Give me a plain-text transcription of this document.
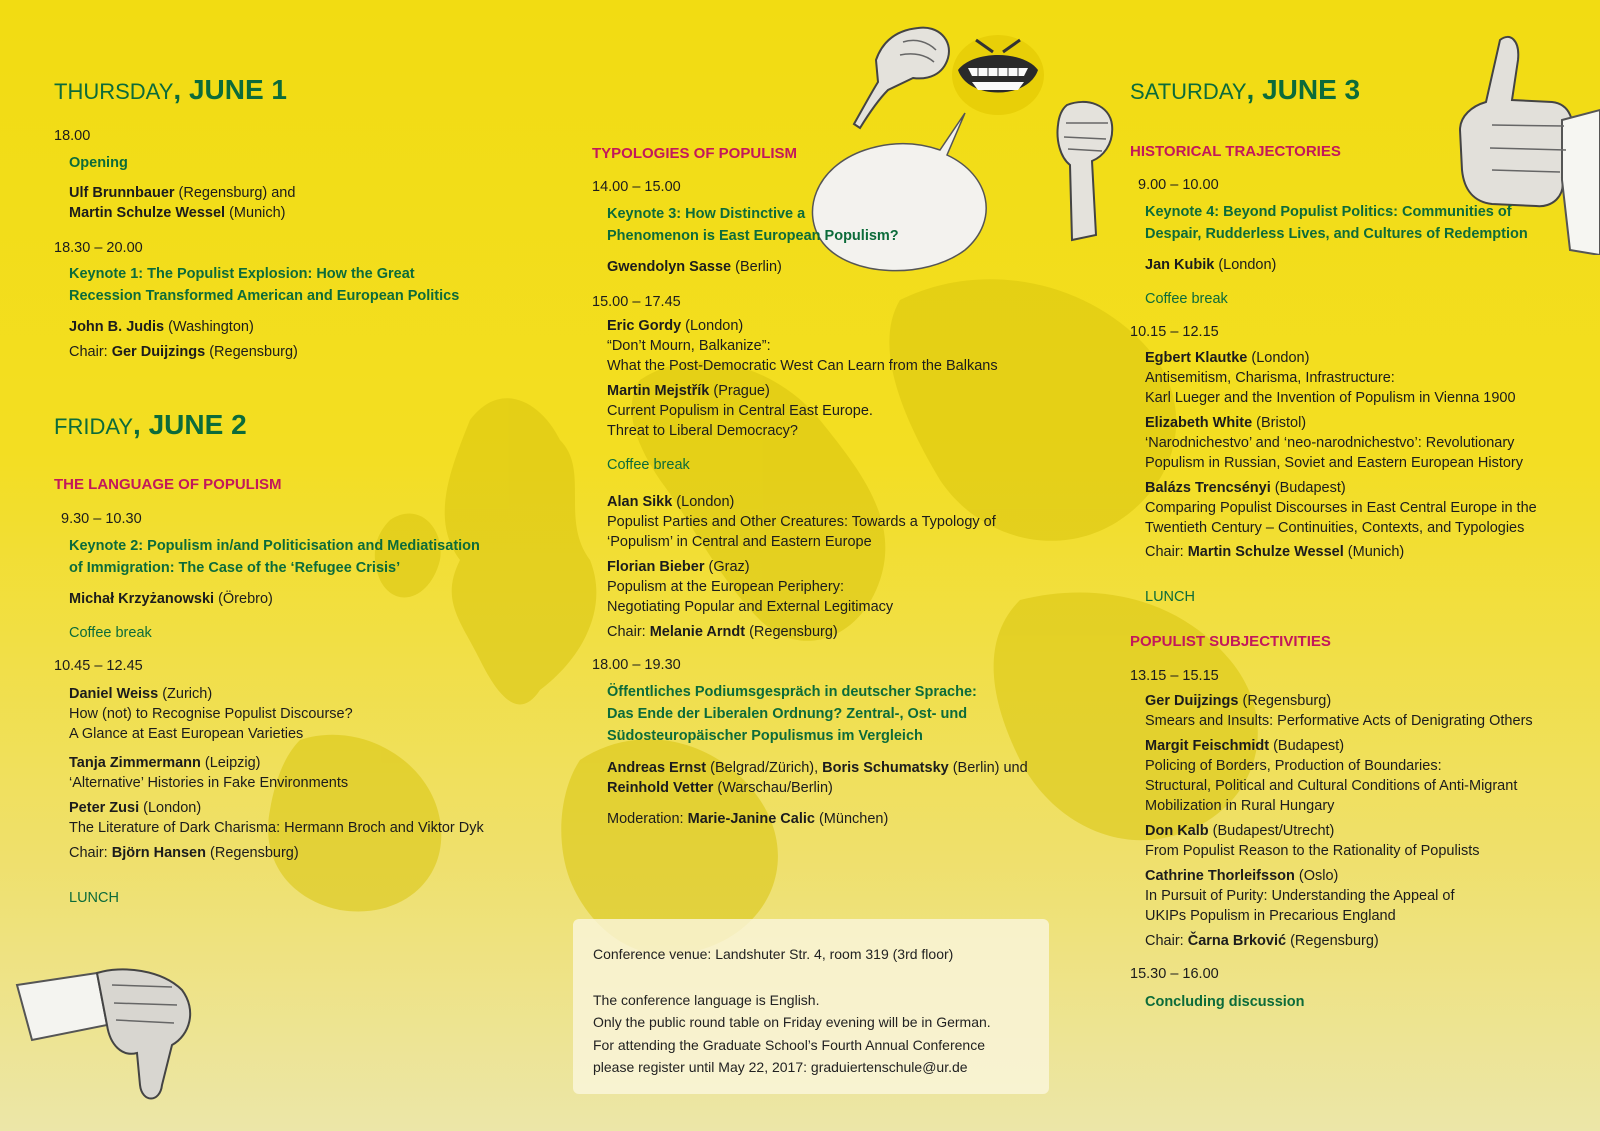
THURSDAY, JUNE 1
18.00
Opening
Ulf Brunnbauer (Regensburg) and
Martin Schulze Wessel (Munich)
18.30 – 20.00
Keynote 1: The Populist Explosion: How the Great
Recession Transformed American and European Politics
John B. Judis (Washington)
Chair: Ger Duijzings (Regensburg)
FRIDAY, JUNE 2
THE LANGUAGE OF POPULISM
9.30 – 10.30
Keynote 2: Populism in/and Politicisation and Mediatisation
of Immigration: The Case of the ‘Refugee Crisis’
Michał Krzyżanowski (Örebro)
Coffee break
10.45 – 12.45
Daniel Weiss (Zurich)
How (not) to Recognise Populist Discourse?
A Glance at East European Varieties
Tanja Zimmermann (Leipzig)
‘Alternative’ Histories in Fake Environments
Peter Zusi (London)
The Literature of Dark Charisma: Hermann Broch and Viktor Dyk
Chair: Björn Hansen (Regensburg)
LUNCH
TYPOLOGIES OF POPULISM
14.00 – 15.00
Keynote 3: How Distinctive a
Phenomenon is East European Populism?
Gwendolyn Sasse (Berlin)
15.00 – 17.45
Eric Gordy (London)
“Don’t Mourn, Balkanize”:
What the Post-Democratic West Can Learn from the Balkans
Martin Mejstřík (Prague)
Current Populism in Central East Europe.
Threat to Liberal Democracy?
Coffee break
Alan Sikk (London)
Populist Parties and Other Creatures: Towards a Typology of
‘Populism’ in Central and Eastern Europe
Florian Bieber (Graz)
Populism at the European Periphery:
Negotiating Popular and External Legitimacy
Chair: Melanie Arndt (Regensburg)
18.00 – 19.30
Öffentliches Podiumsgespräch in deutscher Sprache:
Das Ende der Liberalen Ordnung? Zentral-, Ost- und
Südosteuropäischer Populismus im Vergleich
Andreas Ernst (Belgrad/Zürich), Boris Schumatsky (Berlin) und
Reinhold Vetter (Warschau/Berlin)
Moderation: Marie-Janine Calic (München)
Conference venue: Landshuter Str. 4, room 319 (3rd floor)
The conference language is English.
Only the public round table on Friday evening will be in German.
For attending the Graduate School’s Fourth Annual Conference
please register until May 22, 2017: graduiertenschule@ur.de
SATURDAY, JUNE 3
HISTORICAL TRAJECTORIES
9.00 – 10.00
Keynote 4: Beyond Populist Politics: Communities of
Despair, Rudderless Lives, and Cultures of Redemption
Jan Kubik (London)
Coffee break
10.15 – 12.15
Egbert Klautke (London)
Antisemitism, Charisma, Infrastructure:
Karl Lueger and the Invention of Populism in Vienna 1900
Elizabeth White (Bristol)
‘Narodnichestvo’ and ‘neo-narodnichestvo’: Revolutionary
Populism in Russian, Soviet and Eastern European History
Balázs Trencsényi (Budapest)
Comparing Populist Discourses in East Central Europe in the
Twentieth Century – Continuities, Contexts, and Typologies
Chair: Martin Schulze Wessel (Munich)
LUNCH
POPULIST SUBJECTIVITIES
13.15 – 15.15
Ger Duijzings (Regensburg)
Smears and Insults: Performative Acts of Denigrating Others
Margit Feischmidt (Budapest)
Policing of Borders, Production of Boundaries:
Structural, Political and Cultural Conditions of Anti-Migrant
Mobilization in Rural Hungary
Don Kalb (Budapest/Utrecht)
From Populist Reason to the Rationality of Populists
Cathrine Thorleifsson (Oslo)
In Pursuit of Purity: Understanding the Appeal of
UKIPs Populism in Precarious England
Chair: Čarna Brković (Regensburg)
15.30 – 16.00
Concluding discussion
